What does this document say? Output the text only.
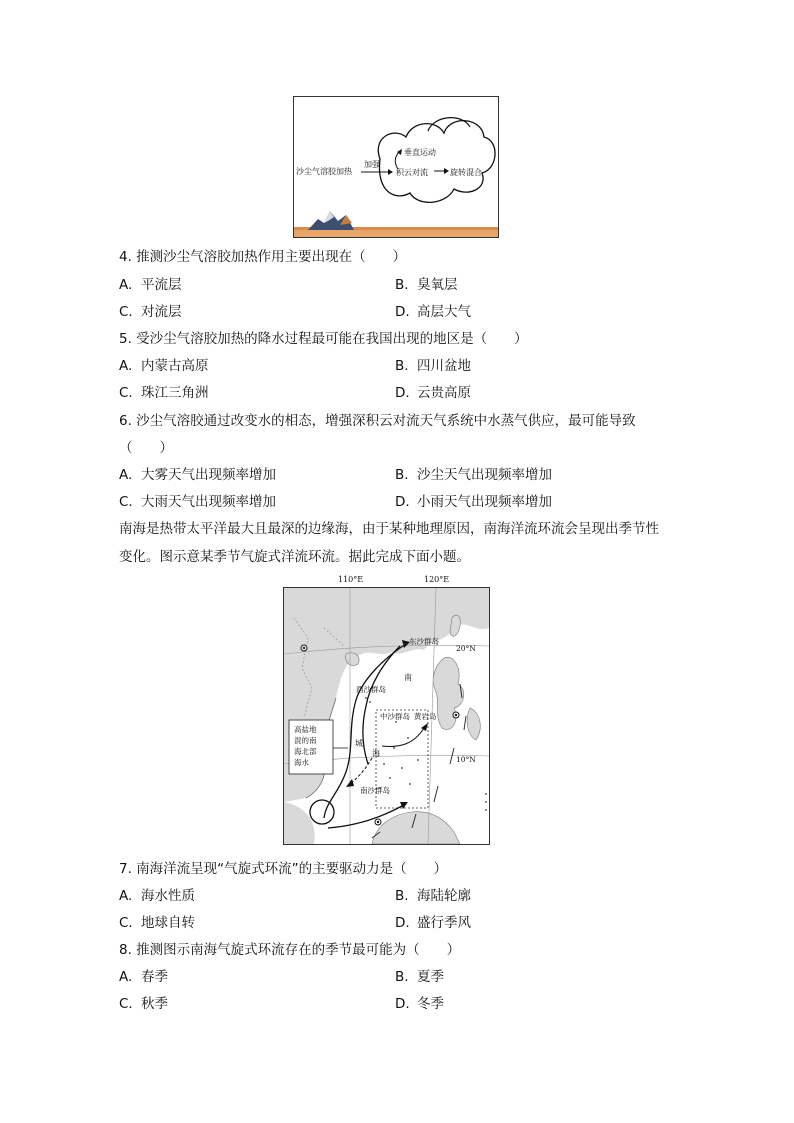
沙尘气溶胶加热
加强
垂直运动
积云对流	旋转混合
4. 推测沙尘气溶胶加热作用主要出现在（　　）
A. 平流层	B. 臭氧层
C. 对流层	D. 高层大气
5. 受沙尘气溶胶加热的降水过程最可能在我国出现的地区是（　　）
A. 内蒙古高原	B. 四川盆地
C. 珠江三角洲	D. 云贵高原
6. 沙尘气溶胶通过改变水的相态，增强深积云对流天气系统中水蒸气供应，最可能导致
（　　）
A. 大雾天气出现频率增加	B. 沙尘天气出现频率增加
C. 大雨天气出现频率增加	D. 小雨天气出现频率增加
南海是热带太平洋最大且最深的边缘海，由于某种地理原因，南海洋流环流会呈现出季节性
变化。图示意某季节气旋式洋流环流。据此完成下面小题。
110°E	120°E
东沙群岛
西沙群岛
南
中沙群岛 黄岩岛
城
海
南沙群岛
20°N
10°N
高盐地
混的南
海北部
海水
7. 南海洋流呈现“气旋式环流”的主要驱动力是（　　）
A. 海水性质	B. 海陆轮廓
C. 地球自转	D. 盛行季风
8. 推测图示南海气旋式环流存在的季节最可能为（　　）
A. 春季	B. 夏季
C. 秋季	D. 冬季
